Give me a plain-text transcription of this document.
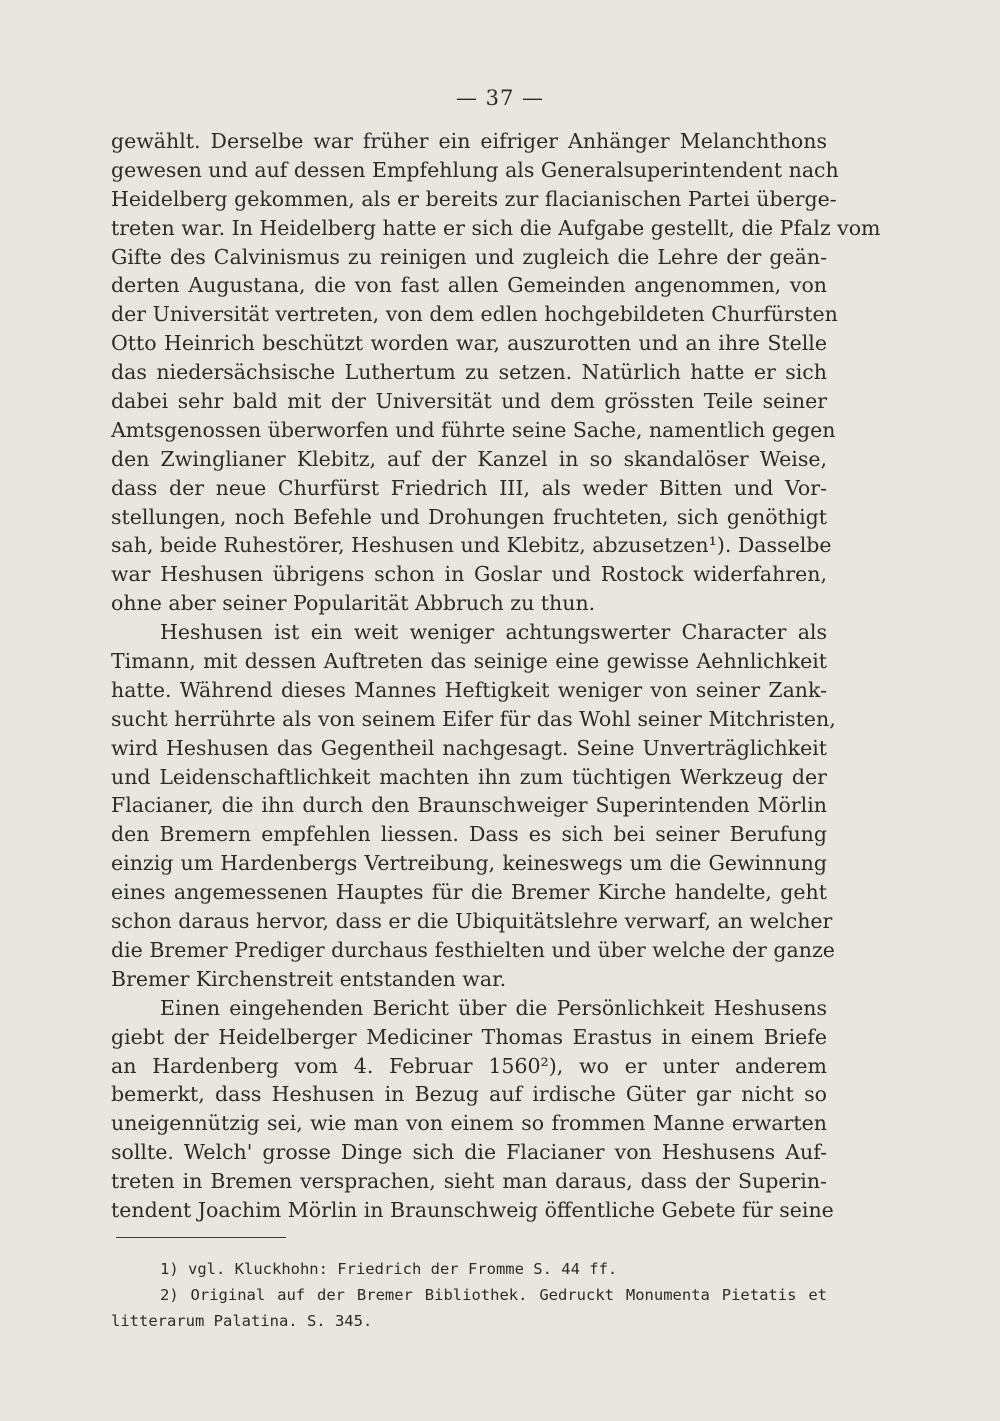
— 37 —
gewählt. Derselbe war früher ein eifriger Anhänger Melanchthons
gewesen und auf dessen Empfehlung als Generalsuperintendent nach
Heidelberg gekommen, als er bereits zur flacianischen Partei überge-
treten war. In Heidelberg hatte er sich die Aufgabe gestellt, die Pfalz vom
Gifte des Calvinismus zu reinigen und zugleich die Lehre der geän-
derten Augustana, die von fast allen Gemeinden angenommen, von
der Universität vertreten, von dem edlen hochgebildeten Churfürsten
Otto Heinrich beschützt worden war, auszurotten und an ihre Stelle
das niedersächsische Luthertum zu setzen. Natürlich hatte er sich
dabei sehr bald mit der Universität und dem grössten Teile seiner
Amtsgenossen überworfen und führte seine Sache, namentlich gegen
den Zwinglianer Klebitz, auf der Kanzel in so skandalöser Weise,
dass der neue Churfürst Friedrich III, als weder Bitten und Vor-
stellungen, noch Befehle und Drohungen fruchteten, sich genöthigt
sah, beide Ruhestörer, Heshusen und Klebitz, abzusetzen¹). Dasselbe
war Heshusen übrigens schon in Goslar und Rostock widerfahren,
ohne aber seiner Popularität Abbruch zu thun.
Heshusen ist ein weit weniger achtungswerter Character als
Timann, mit dessen Auftreten das seinige eine gewisse Aehnlichkeit
hatte. Während dieses Mannes Heftigkeit weniger von seiner Zank-
sucht herrührte als von seinem Eifer für das Wohl seiner Mitchristen,
wird Heshusen das Gegentheil nachgesagt. Seine Unverträglichkeit
und Leidenschaftlichkeit machten ihn zum tüchtigen Werkzeug der
Flacianer, die ihn durch den Braunschweiger Superintenden Mörlin
den Bremern empfehlen liessen. Dass es sich bei seiner Berufung
einzig um Hardenbergs Vertreibung, keineswegs um die Gewinnung
eines angemessenen Hauptes für die Bremer Kirche handelte, geht
schon daraus hervor, dass er die Ubiquitätslehre verwarf, an welcher
die Bremer Prediger durchaus festhielten und über welche der ganze
Bremer Kirchenstreit entstanden war.
Einen eingehenden Bericht über die Persönlichkeit Heshusens
giebt der Heidelberger Mediciner Thomas Erastus in einem Briefe
an Hardenberg vom 4. Februar 1560²), wo er unter anderem
bemerkt, dass Heshusen in Bezug auf irdische Güter gar nicht so
uneigennützig sei, wie man von einem so frommen Manne erwarten
sollte. Welch' grosse Dinge sich die Flacianer von Heshusens Auf-
treten in Bremen versprachen, sieht man daraus, dass der Superin-
tendent Joachim Mörlin in Braunschweig öffentliche Gebete für seine
1) vgl. Kluckhohn: Friedrich der Fromme S. 44 ff.
2) Original auf der Bremer Bibliothek. Gedruckt Monumenta Pietatis et
litterarum Palatina. S. 345.
